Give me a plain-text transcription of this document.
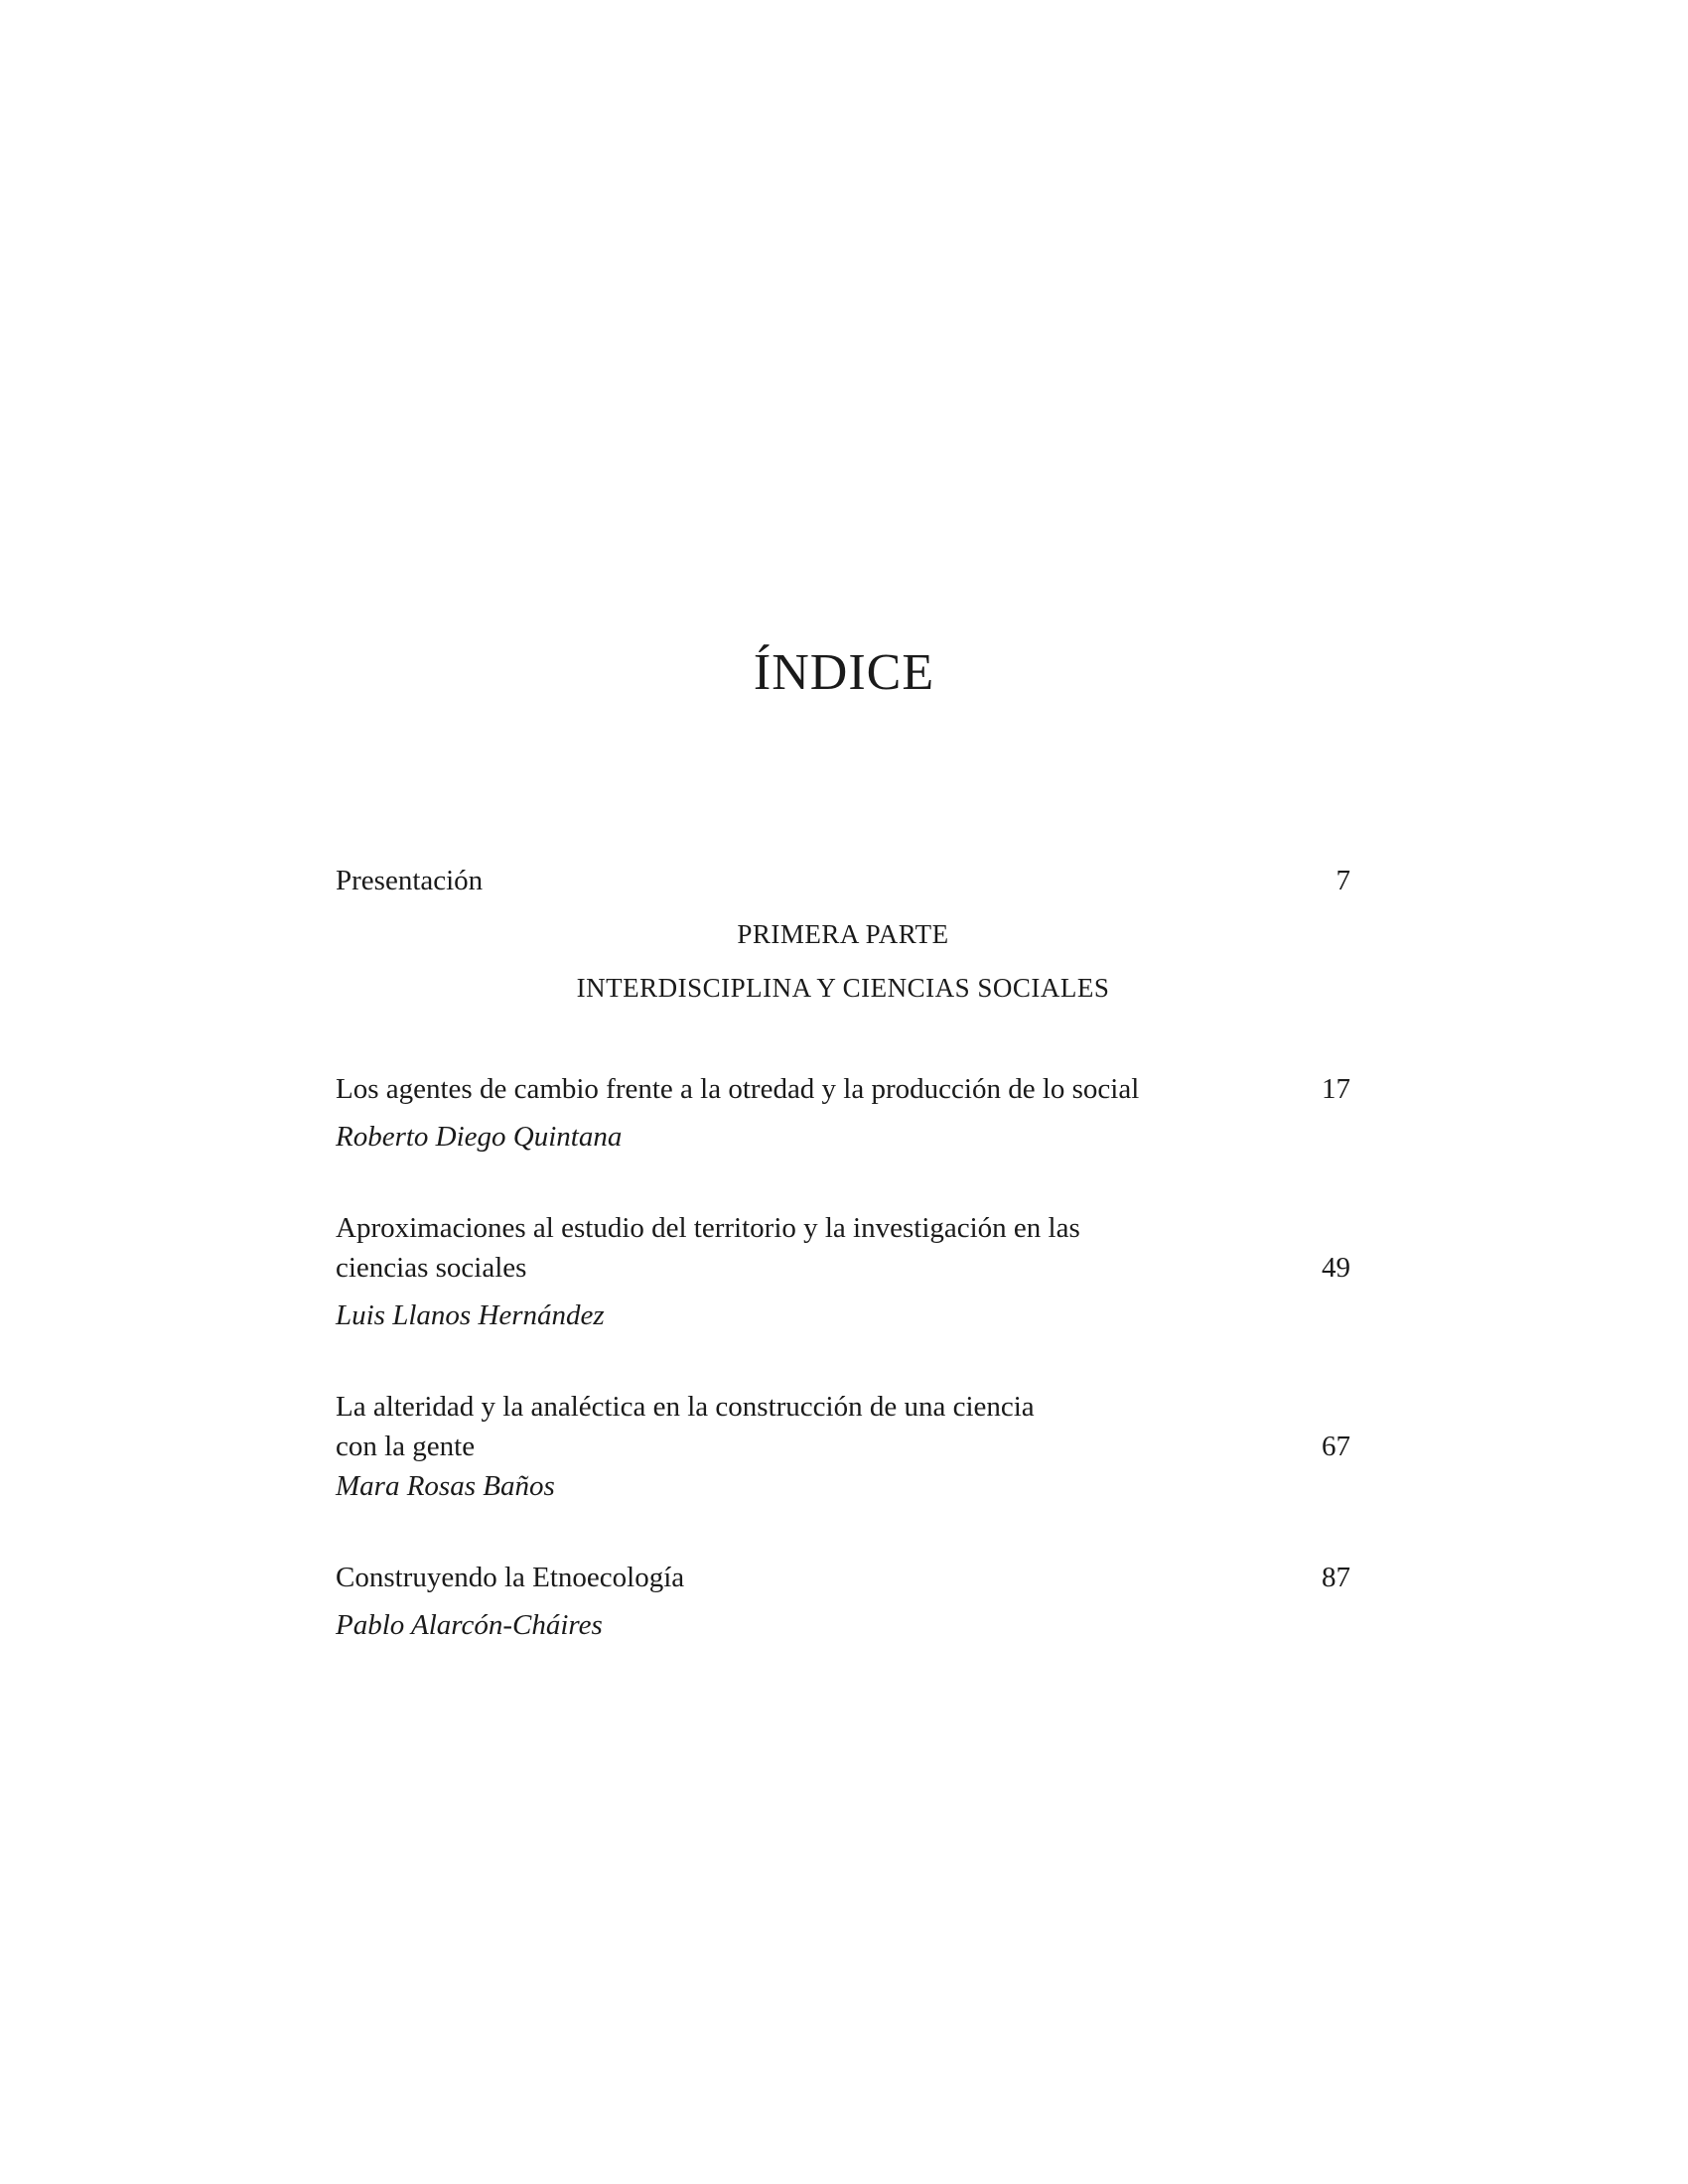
ÍNDICE
Presentación	7
PRIMERA PARTE
INTERDISCIPLINA Y CIENCIAS SOCIALES
Los agentes de cambio frente a la otredad y la producción de lo social	17
Roberto Diego Quintana
Aproximaciones al estudio del territorio y la investigación en las
ciencias sociales	49
Luis Llanos Hernández
La alteridad y la analéctica en la construcción de una ciencia
con la gente	67
Mara Rosas Baños
Construyendo la Etnoecología	87
Pablo Alarcón-Cháires
